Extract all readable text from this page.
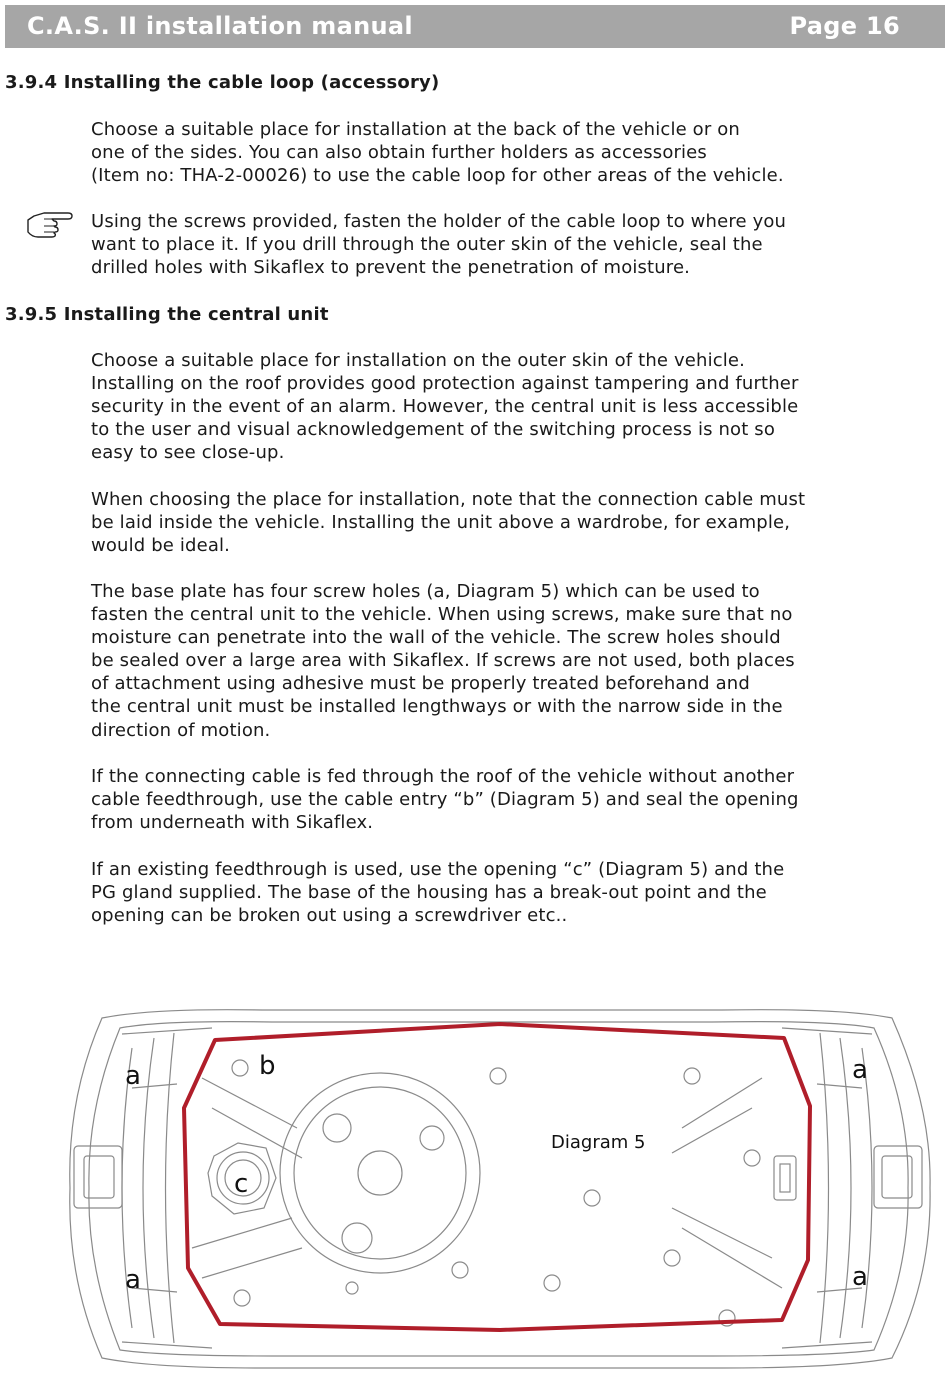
C.A.S. II installation manual	Page 16
3.9.4 Installing the cable loop (accessory)

Choose a suitable place for installation at the back of the vehicle or on
one of the sides. You can also obtain further holders as accessories
(Item no: THA-2-00026) to use the cable loop for other areas of the vehicle.

Using the screws provided, fasten the holder of the cable loop to where you
want to place it. If you drill through the outer skin of the vehicle, seal the
drilled holes with Sikaflex to prevent the penetration of moisture.

3.9.5 Installing the central unit

Choose a suitable place for installation on the outer skin of the vehicle.
Installing on the roof provides good protection against tampering and further
security in the event of an alarm. However, the central unit is less accessible
to the user and visual acknowledgement of the switching process is not so
easy to see close-up.

When choosing the place for installation, note that the connection cable must
be laid inside the vehicle. Installing the unit above a wardrobe, for example,
would be ideal.

The base plate has four screw holes (a, Diagram 5) which can be used to
fasten the central unit to the vehicle. When using screws, make sure that no
moisture can penetrate into the wall of the vehicle. The screw holes should
be sealed over a large area with Sikaflex. If screws are not used, both places
of attachment using adhesive must be properly treated beforehand and
the central unit must be installed lengthways or with the narrow side in the
direction of motion.

If the connecting cable is fed through the roof of the vehicle without another
cable feedthrough, use the cable entry “b” (Diagram 5) and seal the opening
from underneath with Sikaflex.

If an existing feedthrough is used, use the opening “c” (Diagram 5) and the
PG gland supplied. The base of the housing has a break-out point and the
opening can be broken out using a screwdriver etc..

a	a
a	a
b
c
Diagram 5
